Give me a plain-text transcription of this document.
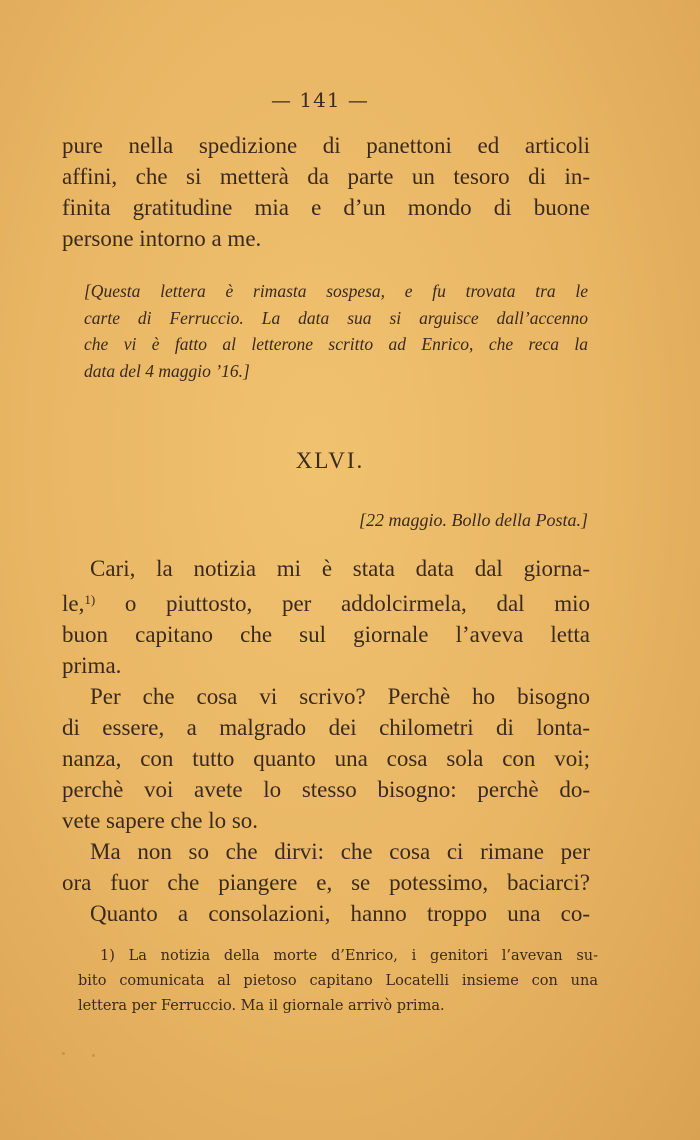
— 141 —

pure nella spedizione di panettoni ed articoli
affini, che si metterà da parte un tesoro di in-
finita gratitudine mia e d’un mondo di buone
persone intorno a me.

[Questa lettera è rimasta sospesa, e fu trovata tra le
carte di Ferruccio. La data sua si arguisce dall’accenno
che vi è fatto al letterone scritto ad Enrico, che reca la
data del 4 maggio ’16.]
XLVI.
[22 maggio. Bollo della Posta.]
Cari, la notizia mi è stata data dal giorna-
le,$^{1)}$ o piuttosto, per addolcirmela, dal mio
buon capitano che sul giornale l’aveva letta
prima.
Per che cosa vi scrivo? Perchè ho bisogno
di essere, a malgrado dei chilometri di lonta-
nanza, con tutto quanto una cosa sola con voi;
perchè voi avete lo stesso bisogno: perchè do-
vete sapere che lo so.
Ma non so che dirvi: che cosa ci rimane per
ora fuor che piangere e, se potessimo, baciarci?
Quanto a consolazioni, hanno troppo una co-
1) La notizia della morte d’Enrico, i genitori l’avevan su-
bito comunicata al pietoso capitano Locatelli insieme con una
lettera per Ferruccio. Ma il giornale arrivò prima.
